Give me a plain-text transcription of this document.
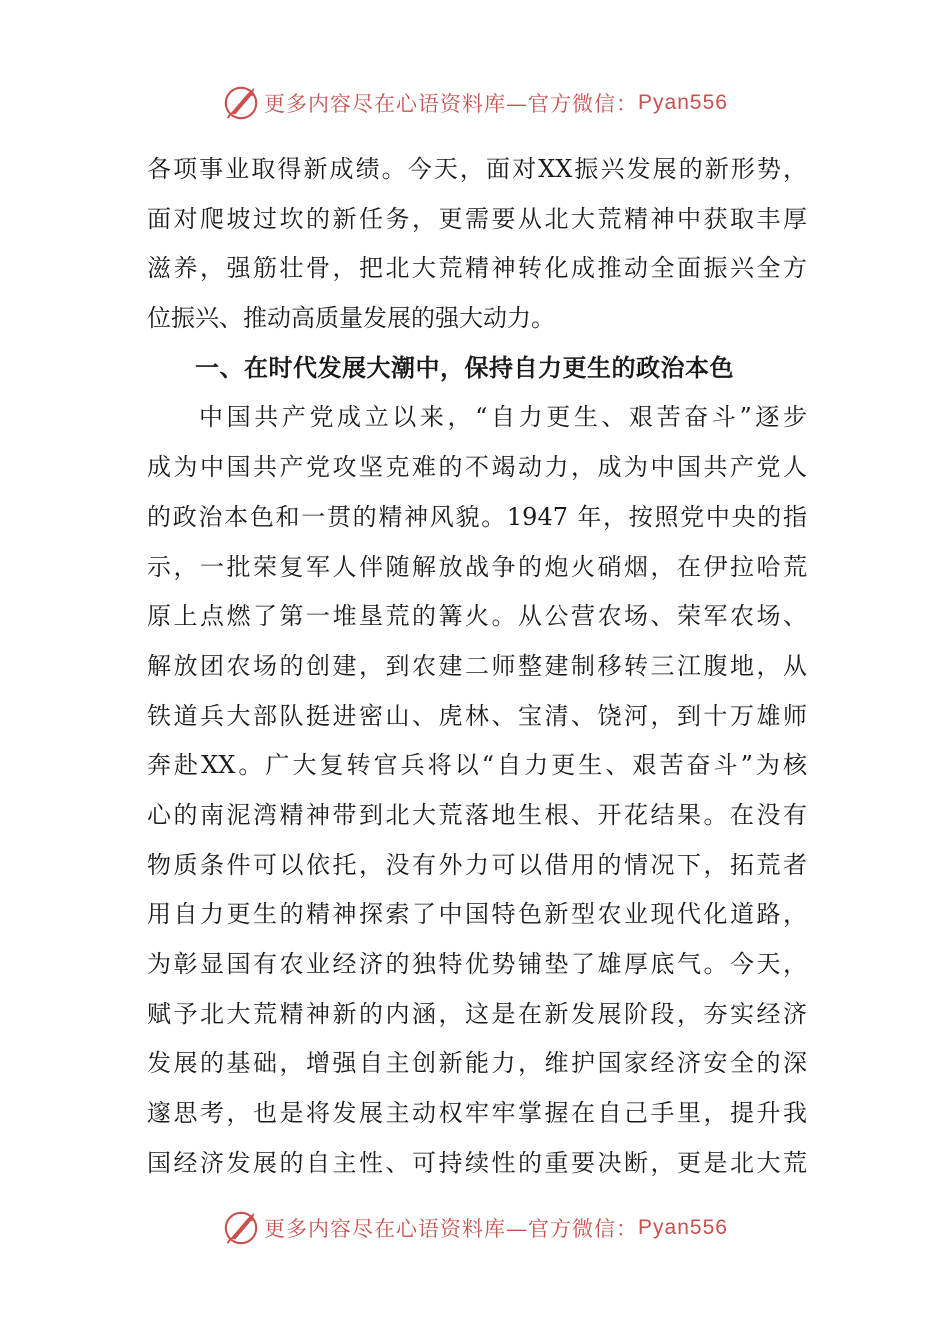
更多内容尽在心语资料库—官方微信： Pyan556
各项事业取得新成绩。今天，面对XX振兴发展的新形势，
面对爬坡过坎的新任务，更需要从北大荒精神中获取丰厚
滋养，强筋壮骨，把北大荒精神转化成推动全面振兴全方
位振兴、推动高质量发展的强大动力。
一、在时代发展大潮中，保持自力更生的政治本色
中国共产党成立以来，“自力更生、艰苦奋斗”逐步
成为中国共产党攻坚克难的不竭动力，成为中国共产党人
的政治本色和一贯的精神风貌。1947 年，按照党中央的指
示，一批荣复军人伴随解放战争的炮火硝烟，在伊拉哈荒
原上点燃了第一堆垦荒的篝火。从公营农场、荣军农场、
解放团农场的创建，到农建二师整建制移转三江腹地，从
铁道兵大部队挺进密山、虎林、宝清、饶河，到十万雄师
奔赴XX。广大复转官兵将以“自力更生、艰苦奋斗”为核
心的南泥湾精神带到北大荒落地生根、开花结果。在没有
物质条件可以依托，没有外力可以借用的情况下，拓荒者
用自力更生的精神探索了中国特色新型农业现代化道路，
为彰显国有农业经济的独特优势铺垫了雄厚底气。今天，
赋予北大荒精神新的内涵，这是在新发展阶段，夯实经济
发展的基础，增强自主创新能力，维护国家经济安全的深
邃思考，也是将发展主动权牢牢掌握在自己手里，提升我
国经济发展的自主性、可持续性的重要决断，更是北大荒
更多内容尽在心语资料库—官方微信： Pyan556
